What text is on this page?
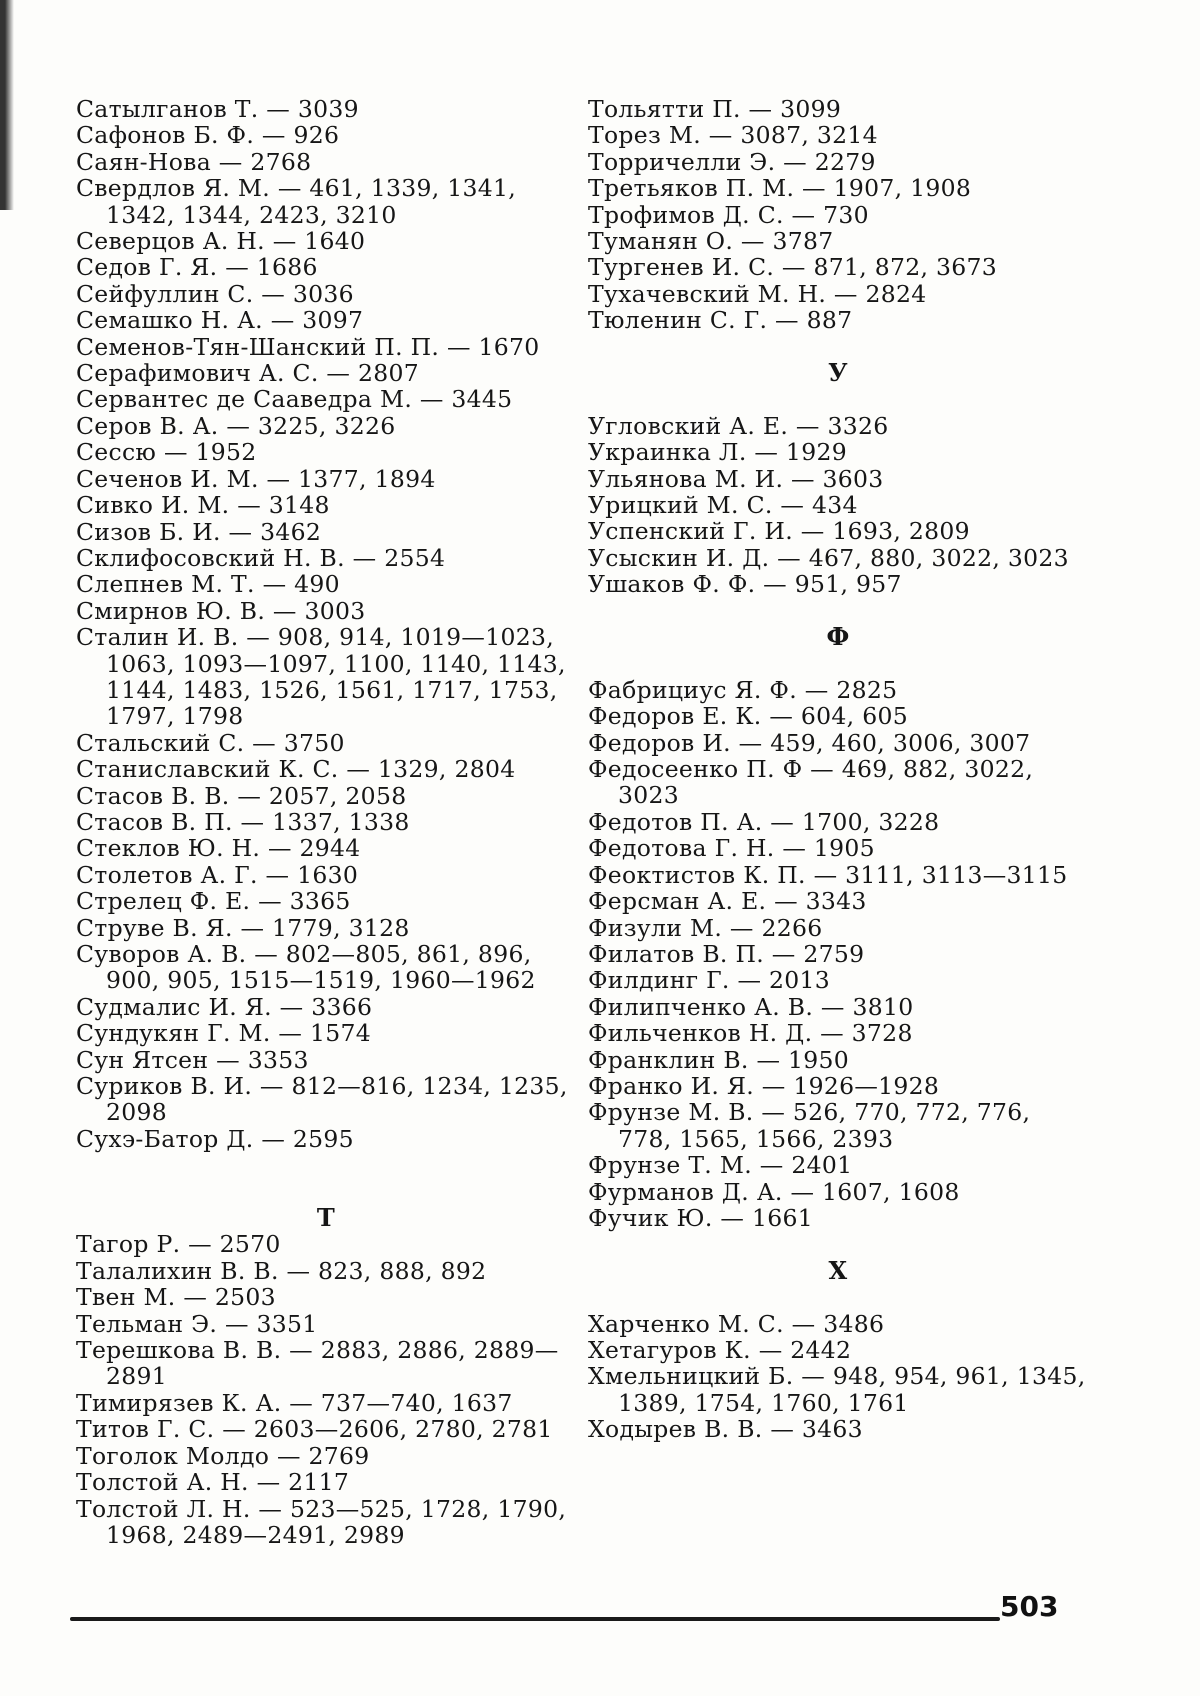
Сатылганов Т. — 3039
Сафонов Б. Ф. — 926
Саян-Нова — 2768
Свердлов Я. М. — 461, 1339, 1341, 1342, 1344, 2423, 3210
Северцов А. Н. — 1640
Седов Г. Я. — 1686
Сейфуллин С. — 3036
Семашко Н. А. — 3097
Семенов-Тян-Шанский П. П. — 1670
Серафимович А. С. — 2807
Сервантес де Сааведра М. — 3445
Серов В. А. — 3225, 3226
Сессю — 1952
Сеченов И. М. — 1377, 1894
Сивко И. М. — 3148
Сизов Б. И. — 3462
Склифосовский Н. В. — 2554
Слепнев М. Т. — 490
Смирнов Ю. В. — 3003
Сталин И. В. — 908, 914, 1019—1023, 1063, 1093—1097, 1100, 1140, 1143, 1144, 1483, 1526, 1561, 1717, 1753, 1797, 1798
Стальский С. — 3750
Станиславский К. С. — 1329, 2804
Стасов В. В. — 2057, 2058
Стасов В. П. — 1337, 1338
Стеклов Ю. Н. — 2944
Столетов А. Г. — 1630
Стрелец Ф. Е. — 3365
Струве В. Я. — 1779, 3128
Суворов А. В. — 802—805, 861, 896, 900, 905, 1515—1519, 1960—1962
Судмалис И. Я. — 3366
Сундукян Г. М. — 1574
Сун Ятсен — 3353
Суриков В. И. — 812—816, 1234, 1235, 2098
Сухэ-Батор Д. — 2595
Т
Тагор Р. — 2570
Талалихин В. В. — 823, 888, 892
Твен М. — 2503
Тельман Э. — 3351
Терешкова В. В. — 2883, 2886, 2889—2891
Тимирязев К. А. — 737—740, 1637
Титов Г. С. — 2603—2606, 2780, 2781
Тоголок Молдо — 2769
Толстой А. Н. — 2117
Толстой Л. Н. — 523—525, 1728, 1790, 1968, 2489—2491, 2989
Тольятти П. — 3099
Торез М. — 3087, 3214
Торричелли Э. — 2279
Третьяков П. М. — 1907, 1908
Трофимов Д. С. — 730
Туманян О. — 3787
Тургенев И. С. — 871, 872, 3673
Тухачевский М. Н. — 2824
Тюленин С. Г. — 887
У
Угловский А. Е. — 3326
Украинка Л. — 1929
Ульянова М. И. — 3603
Урицкий М. С. — 434
Успенский Г. И. — 1693, 2809
Усыскин И. Д. — 467, 880, 3022, 3023
Ушаков Ф. Ф. — 951, 957
Ф
Фабрициус Я. Ф. — 2825
Федоров Е. К. — 604, 605
Федоров И. — 459, 460, 3006, 3007
Федосеенко П. Ф — 469, 882, 3022, 3023
Федотов П. А. — 1700, 3228
Федотова Г. Н. — 1905
Феоктистов К. П. — 3111, 3113—3115
Ферсман А. Е. — 3343
Физули М. — 2266
Филатов В. П. — 2759
Филдинг Г. — 2013
Филипченко А. В. — 3810
Фильченков Н. Д. — 3728
Франклин В. — 1950
Франко И. Я. — 1926—1928
Фрунзе М. В. — 526, 770, 772, 776, 778, 1565, 1566, 2393
Фрунзе Т. М. — 2401
Фурманов Д. А. — 1607, 1608
Фучик Ю. — 1661
Х
Харченко М. С. — 3486
Хетагуров К. — 2442
Хмельницкий Б. — 948, 954, 961, 1345, 1389, 1754, 1760, 1761
Ходырев В. В. — 3463
503
